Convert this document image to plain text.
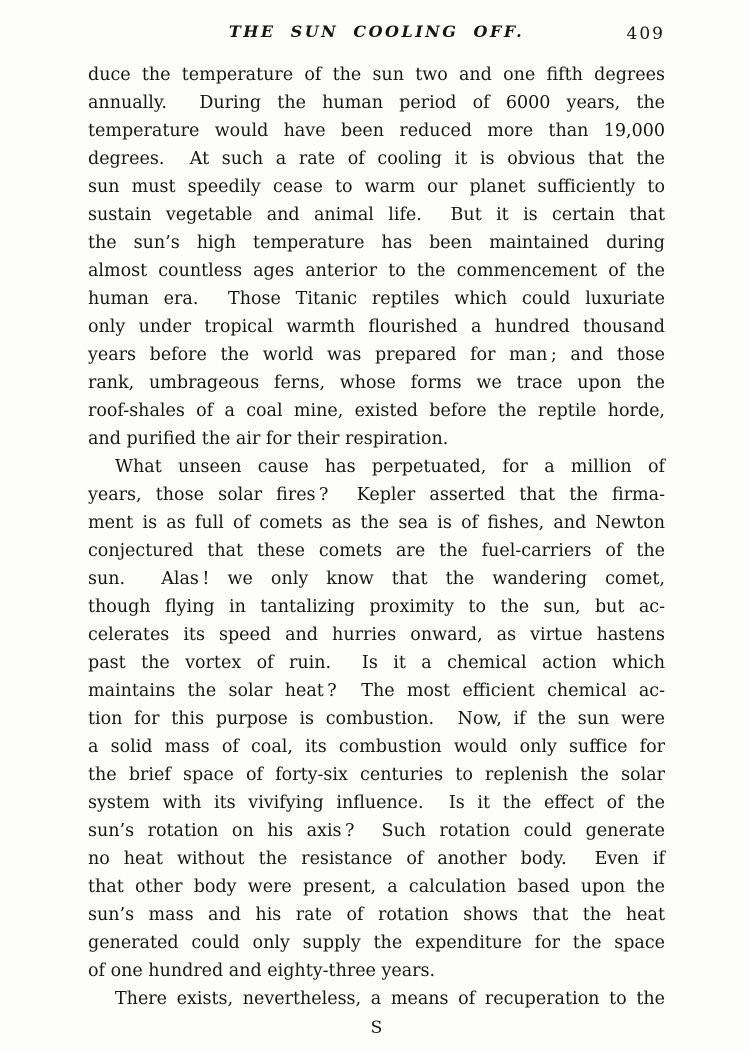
THE SUN COOLING OFF.	409
duce the temperature of the sun two and one fifth degrees
annually.  During the human period of 6000 years, the
temperature would have been reduced more than 19,000
degrees.  At such a rate of cooling it is obvious that the
sun must speedily cease to warm our planet sufficiently to
sustain vegetable and animal life.  But it is certain that
the sun’s high temperature has been maintained during
almost countless ages anterior to the commencement of the
human era.  Those Titanic reptiles which could luxuriate
only under tropical warmth flourished a hundred thousand
years before the world was prepared for man ; and those
rank, umbrageous ferns, whose forms we trace upon the
roof-shales of a coal mine, existed before the reptile horde,
and purified the air for their respiration.
What unseen cause has perpetuated, for a million of
years, those solar fires ?  Kepler asserted that the firma-
ment is as full of comets as the sea is of fishes, and Newton
conjectured that these comets are the fuel-carriers of the
sun.  Alas ! we only know that the wandering comet,
though flying in tantalizing proximity to the sun, but ac-
celerates its speed and hurries onward, as virtue hastens
past the vortex of ruin.  Is it a chemical action which
maintains the solar heat ?  The most efficient chemical ac-
tion for this purpose is combustion.  Now, if the sun were
a solid mass of coal, its combustion would only suffice for
the brief space of forty-six centuries to replenish the solar
system with its vivifying influence.  Is it the effect of the
sun’s rotation on his axis ?  Such rotation could generate
no heat without the resistance of another body.  Even if
that other body were present, a calculation based upon the
sun’s mass and his rate of rotation shows that the heat
generated could only supply the expenditure for the space
of one hundred and eighty-three years.
There exists, nevertheless, a means of recuperation to the
S
